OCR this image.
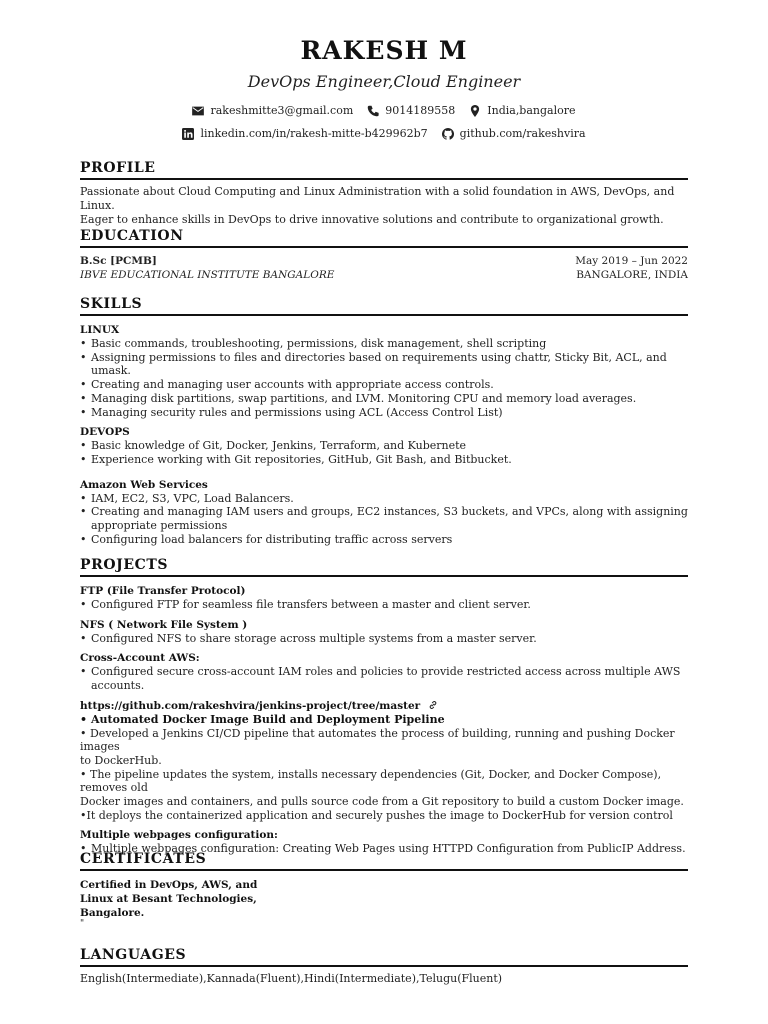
RAKESH M
DevOps Engineer,Cloud Engineer
rakeshmitte3@gmail.com	9014189558	India,bangalore
linkedin.com/in/rakesh-mitte-b429962b7	github.com/rakeshvira
PROFILE
Passionate about Cloud Computing and Linux Administration with a solid foundation in AWS, DevOps, and Linux.
Eager to enhance skills in DevOps to drive innovative solutions and contribute to organizational growth.
EDUCATION
B.Sc [PCMB]	May 2019 – Jun 2022
IBVE EDUCATIONAL INSTITUTE BANGALORE	BANGALORE, INDIA
SKILLS
LINUX
• Basic commands, troubleshooting, permissions, disk management, shell scripting
• Assigning permissions to files and directories based on requirements using chattr, Sticky Bit, ACL, and umask.
• Creating and managing user accounts with appropriate access controls.
• Managing disk partitions, swap partitions, and LVM. Monitoring CPU and memory load averages.
• Managing security rules and permissions using ACL (Access Control List)
DEVOPS
• Basic knowledge of Git, Docker, Jenkins, Terraform, and Kubernete
• Experience working with Git repositories, GitHub, Git Bash, and Bitbucket.
Amazon Web Services
• IAM, EC2, S3, VPC, Load Balancers.
• Creating and managing IAM users and groups, EC2 instances, S3 buckets, and VPCs, along with assigning
appropriate permissions
• Configuring load balancers for distributing traffic across servers
PROJECTS
FTP (File Transfer Protocol)
• Configured FTP for seamless file transfers between a master and client server.
NFS ( Network File System )
• Configured NFS to share storage across multiple systems from a master server.
Cross-Account AWS:
• Configured secure cross-account IAM roles and policies to provide restricted access across multiple AWS
accounts.
https://github.com/rakeshvira/jenkins-project/tree/master
• Automated Docker Image Build and Deployment Pipeline
• Developed a Jenkins CI/CD pipeline that automates the process of building, running and pushing Docker images
to DockerHub.
• The pipeline updates the system, installs necessary dependencies (Git, Docker, and Docker Compose), removes old
Docker images and containers, and pulls source code from a Git repository to build a custom Docker image.
•It deploys the containerized application and securely pushes the image to DockerHub for version control
Multiple webpages configuration:
• Multiple webpages configuration: Creating Web Pages using HTTPD Configuration from PublicIP Address.
CERTIFICATES
Certified in DevOps, AWS, and
Linux at Besant Technologies,
Bangalore.
"
LANGUAGES
English(Intermediate),Kannada(Fluent),Hindi(Intermediate),Telugu(Fluent)
